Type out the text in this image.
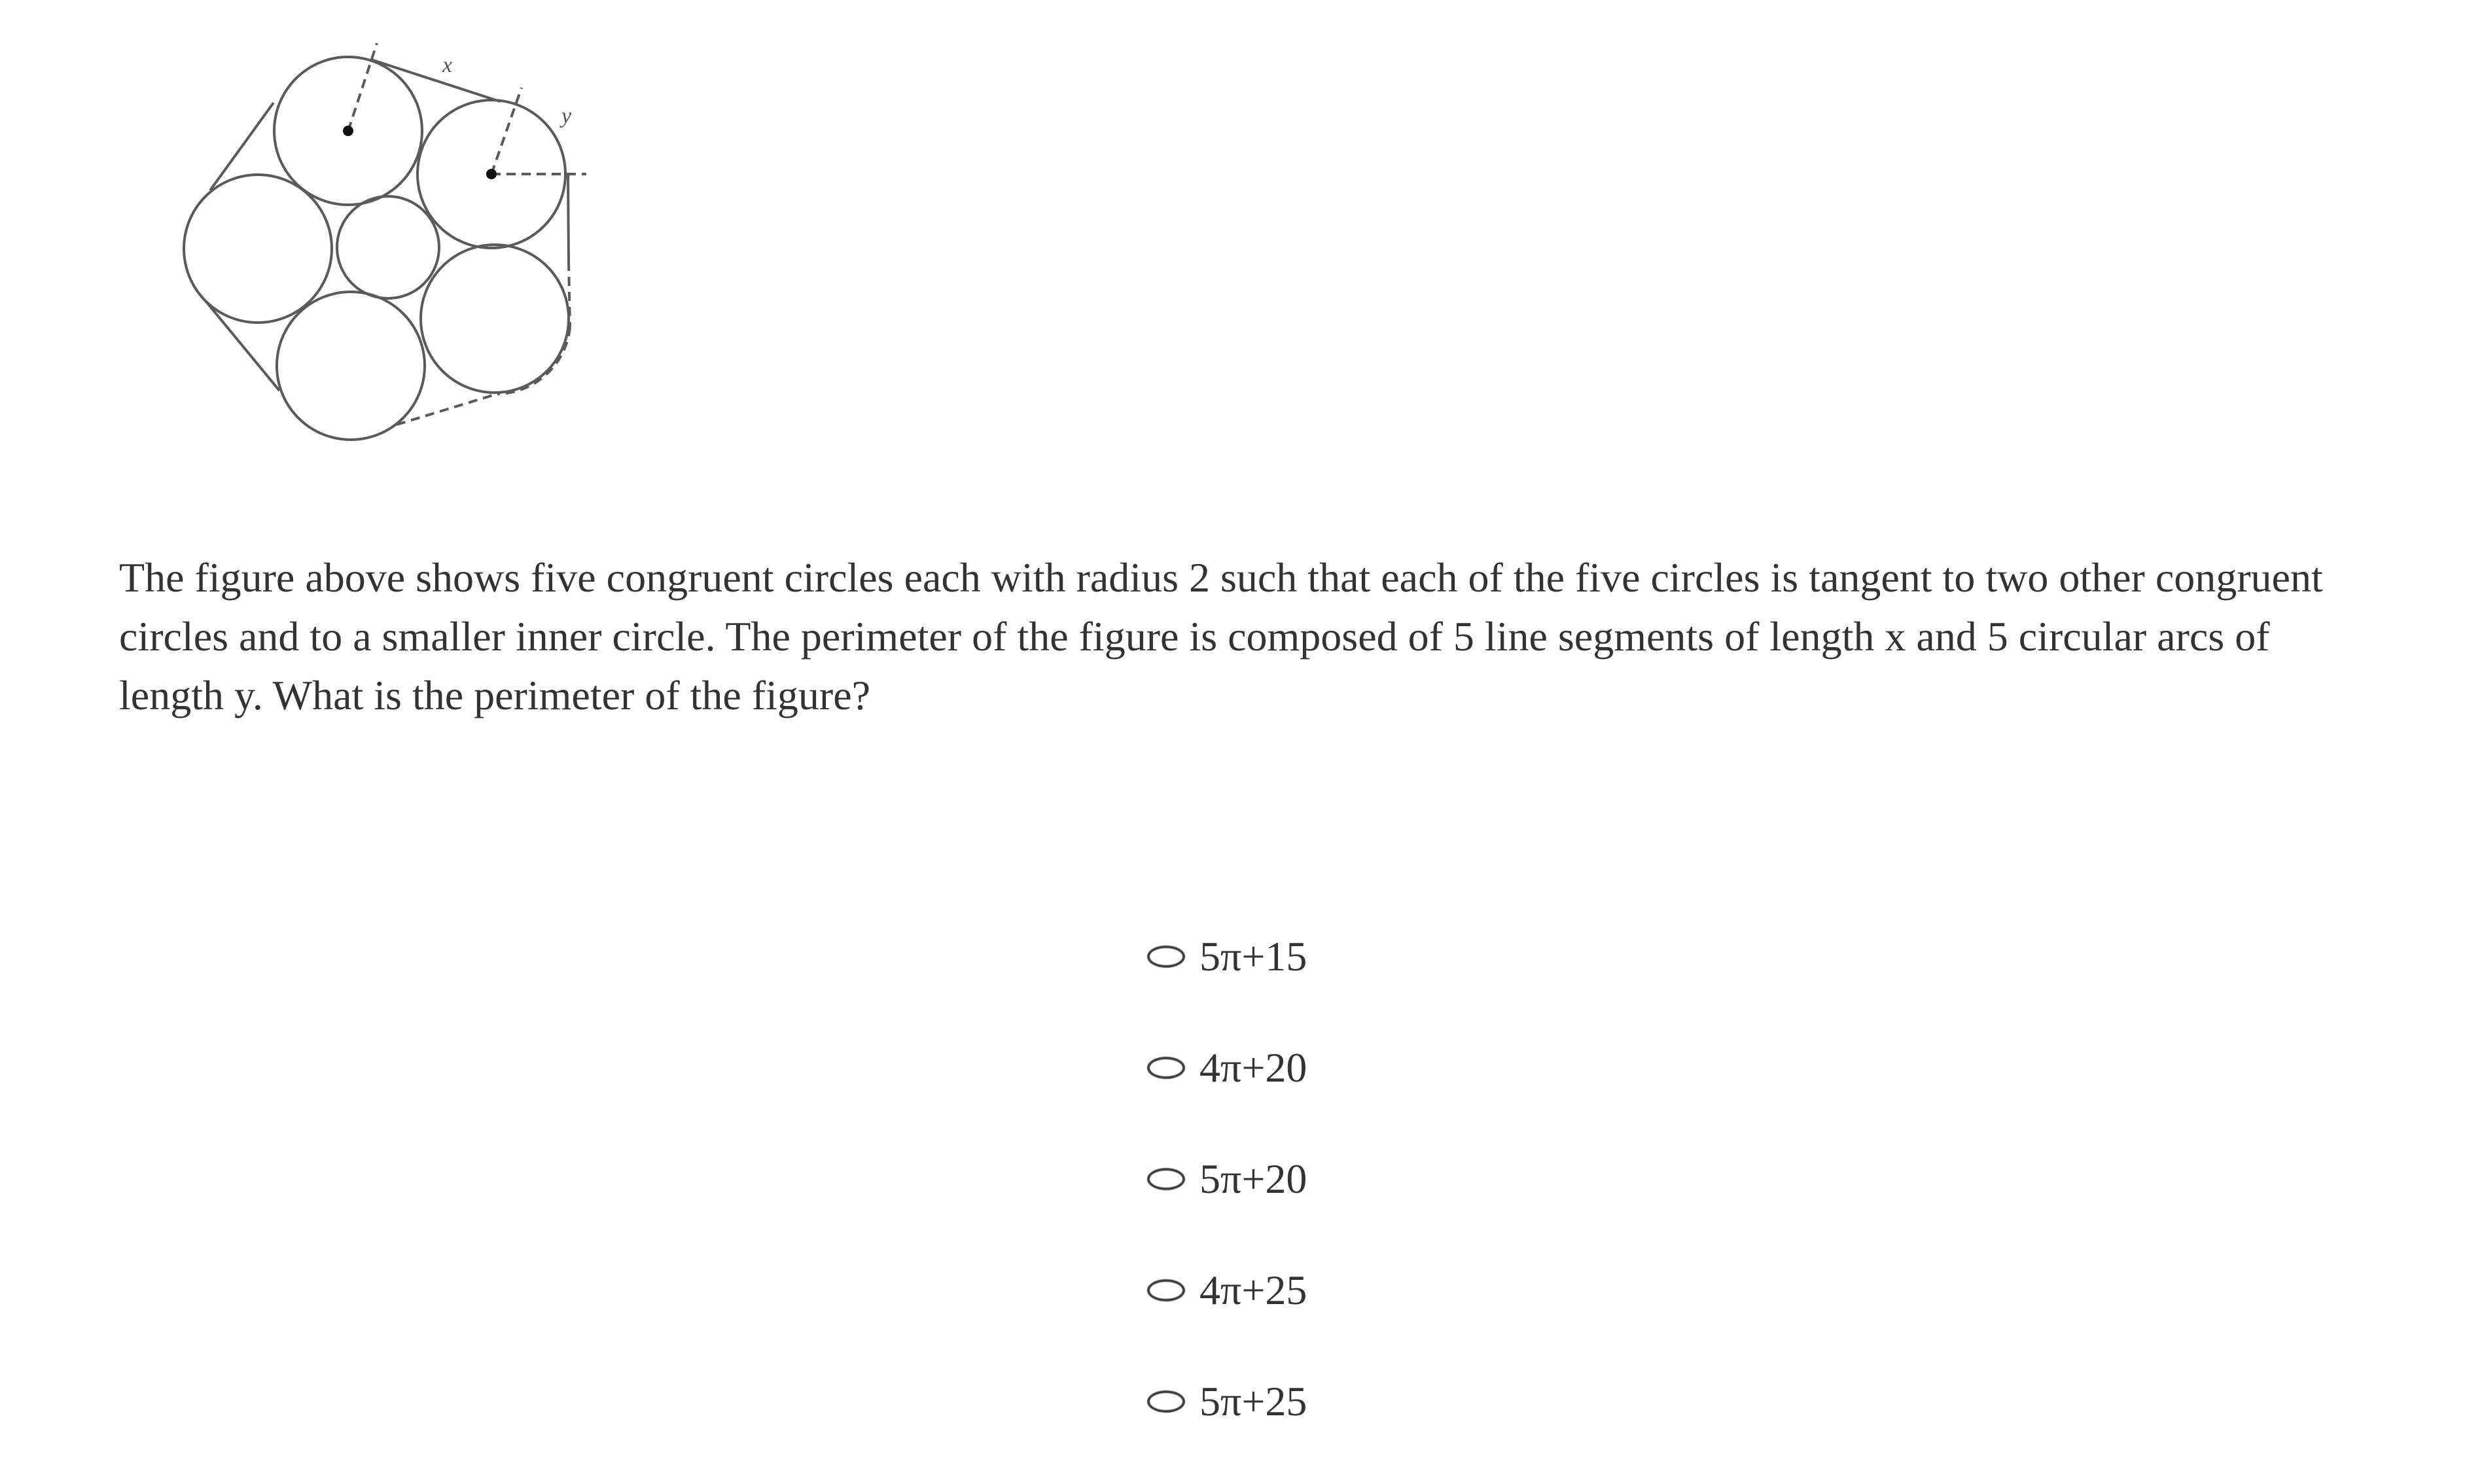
x
y

The figure above shows five congruent circles each with radius 2 such that each of the five circles is tangent to two other congruent circles and to a smaller inner circle. The perimeter of the figure is composed of 5 line segments of length x and 5 circular arcs of length y. What is the perimeter of the figure?

5π+15
4π+20
5π+20
4π+25
5π+25
